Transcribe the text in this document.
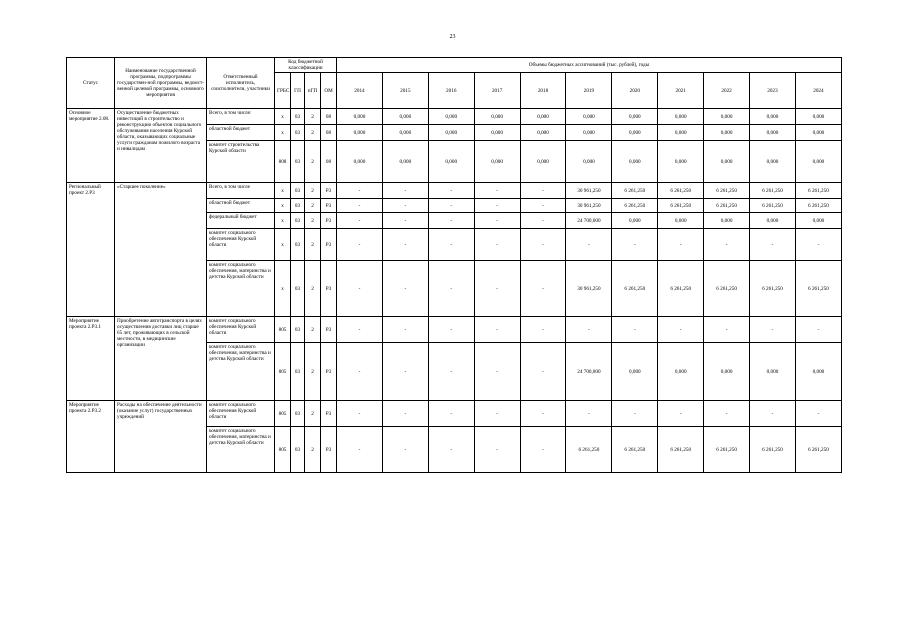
23
Статус	Наименование государственной программы, подпрограммы государствен-ной программы, ведомст-венной целевой программы, основного мероприятия	Ответственный исполнитель, соисполнители, участники	Код бюджетной классификации				Объемы бюджетных ассигнований (тыс. рублей), годы										
			ГРБС	ГП	пГП	ОМ	2014	2015	2016	2017	2018	2019	2020	2021	2022	2023	2024

Основное мероприятие 2.08.	Осуществление бюджетных инвестиций в строительство и реконструкцию объектов социального обслуживания населения Курской области, оказывающих социальные услуги гражданам пожилого возраста и инвалидам	Всего, в том числе:	x	03	2	08	0,000	0,000	0,000	0,000	0,000	0,000	0,000	0,000	0,000	0,000	0,000
		областной бюджет	x	03	2	08	0,000	0,000	0,000	0,000	0,000	0,000	0,000	0,000	0,000	0,000	0,000
		комитет строительства Курской области	808	03	2	08	0,000	0,000	0,000	0,000	0,000	0,000	0,000	0,000	0,000	0,000	0,000
Региональный проект 2.Р3	«Старшее поколение»	Всего, в том числе	x	03	2	Р3	-	-	-	-	-	30 961,250	6 261,250	6 261,250	6 261,250	6 261,250	6 261,250
		областной бюджет	x	03	2	Р3	-	-	-	-	-	30 961,250	6 261,250	6 261,250	6 261,250	6 261,250	6 261,250
		федеральный бюджет	x	03	2	Р3	-	-	-	-	-	24 700,000	0,000	0,000	0,000	0,000	0,000
		комитет социального обеспечения Курской области	x	03	2	Р3	-	-	-	-	-	-	-	-	-	-	-
		комитет социального обеспечения, материнства и детства Курской области	x	03	2	Р3	-	-	-	-	-	30 961,250	6 261,250	6 261,250	6 261,250	6 261,250	6 261,250
Мероприятие проекта 2.Р3.1	Приобретение автотранспорта в целях осуществления доставки лиц старше 65 лет, проживающих в сельской местности, в медицинские организации	комитет социального обеспечения Курской области	805	03	2	Р3	-	-	-	-	-	-	-	-	-	-	-
		комитет социального обеспечения, материнства и детства Курской области	805	03	2	Р3	-	-	-	-	-	24 700,000	0,000	0,000	0,000	0,000	0,000
Мероприятие проекта 2.Р3.2	Расходы на обеспечение деятельности (оказание услуг) государственных учреждений	комитет социального обеспечения Курской области	805	03	2	Р3	-	-	-	-	-	-	-	-	-	-	-
		комитет социального обеспечения, материнства и детства Курской области	805	03	2	Р3	-	-	-	-	-	6 261,250	6 261,250	6 261,250	6 261,250	6 261,250	6 261,250
